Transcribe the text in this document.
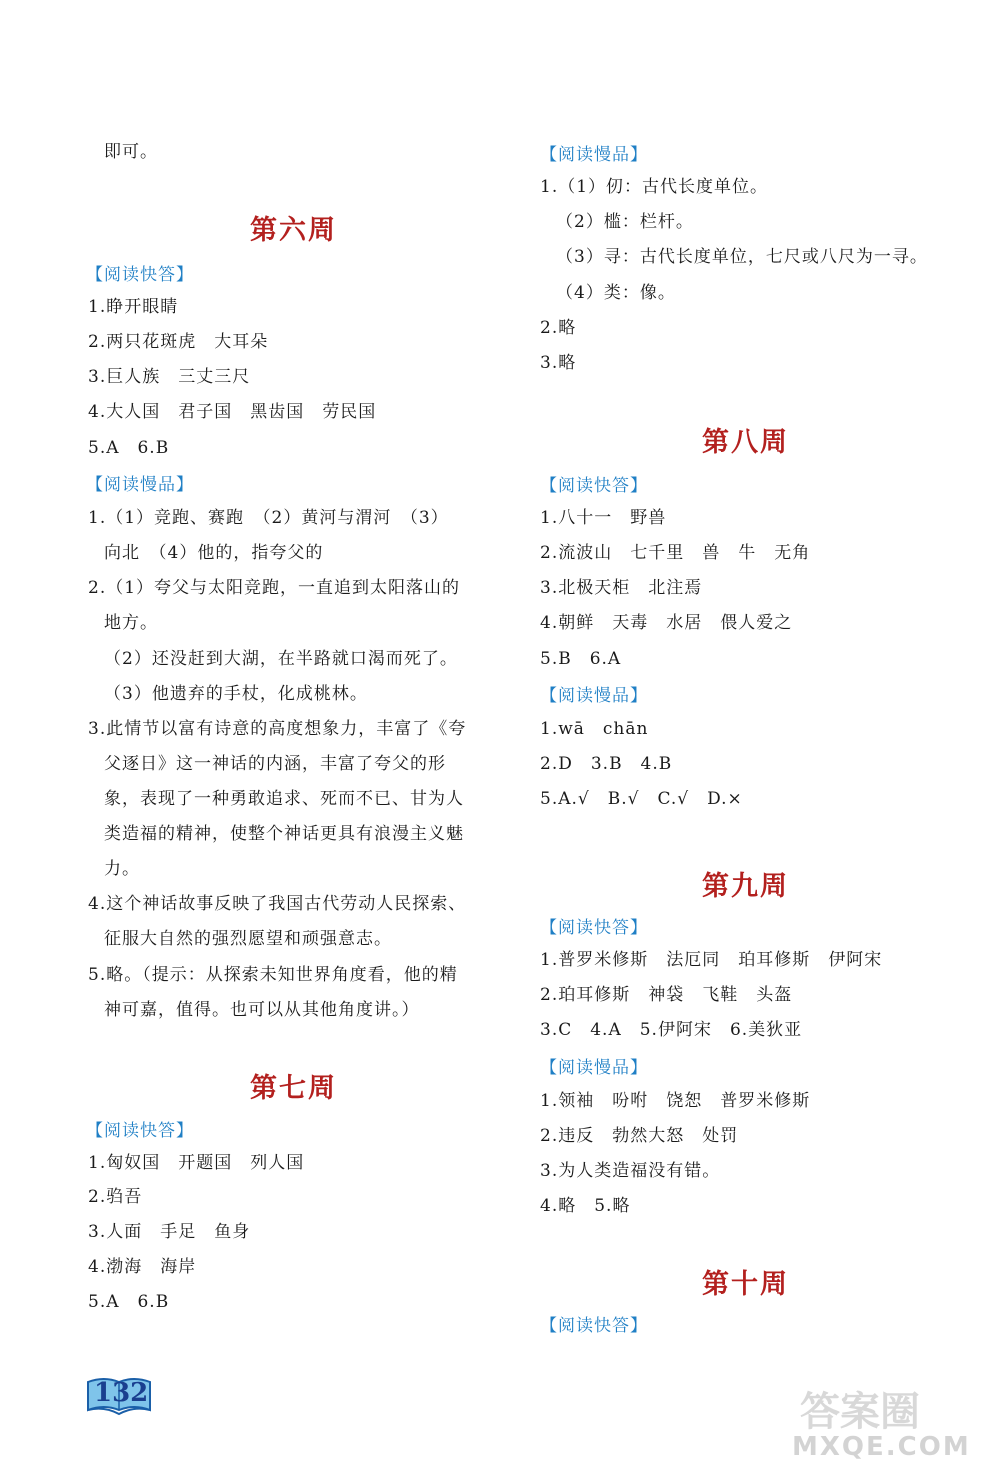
即可。
第六周
【阅读快答】
1.睁开眼睛
2.两只花斑虎　大耳朵
3.巨人族　三丈三尺
4.大人国　君子国　黑齿国　劳民国
5.A　6.B
【阅读慢品】
1.（1）竞跑、赛跑　（2）黄河与渭河　（3）
向北　（4）他的，指夸父的
2.（1）夸父与太阳竞跑，一直追到太阳落山的
地方。
（2）还没赶到大湖，在半路就口渴而死了。
（3）他遗弃的手杖，化成桃林。
3.此情节以富有诗意的高度想象力，丰富了《夸
父逐日》这一神话的内涵，丰富了夸父的形
象，表现了一种勇敢追求、死而不已、甘为人
类造福的精神，使整个神话更具有浪漫主义魅
力。
4.这个神话故事反映了我国古代劳动人民探索、
征服大自然的强烈愿望和顽强意志。
5.略。（提示：从探索未知世界角度看，他的精
神可嘉，值得。也可以从其他角度讲。）
第七周
【阅读快答】
1.匈奴国　开题国　列人国
2.驺吾
3.人面　手足　鱼身
4.渤海　海岸
5.A　6.B
【阅读慢品】
1.（1）仞：古代长度单位。
（2）槛：栏杆。
（3）寻：古代长度单位，七尺或八尺为一寻。
（4）类：像。
2.略
3.略
第八周
【阅读快答】
1.八十一　野兽
2.流波山　七千里　兽　牛　无角
3.北极天柜　北注焉
4.朝鲜　天毒　水居　偎人爱之
5.B　6.A
【阅读慢品】
1.wā　chān
2.D　3.B　4.B
5.A.√　B.√　C.√　D.×
第九周
【阅读快答】
1.普罗米修斯　法厄同　珀耳修斯　伊阿宋
2.珀耳修斯　神袋　飞鞋　头盔
3.C　4.A　5.伊阿宋　6.美狄亚
【阅读慢品】
1.领袖　吩咐　饶恕　普罗米修斯
2.违反　勃然大怒　处罚
3.为人类造福没有错。
4.略　5.略
第十周
【阅读快答】
132	答案圈
MXQE.COM
